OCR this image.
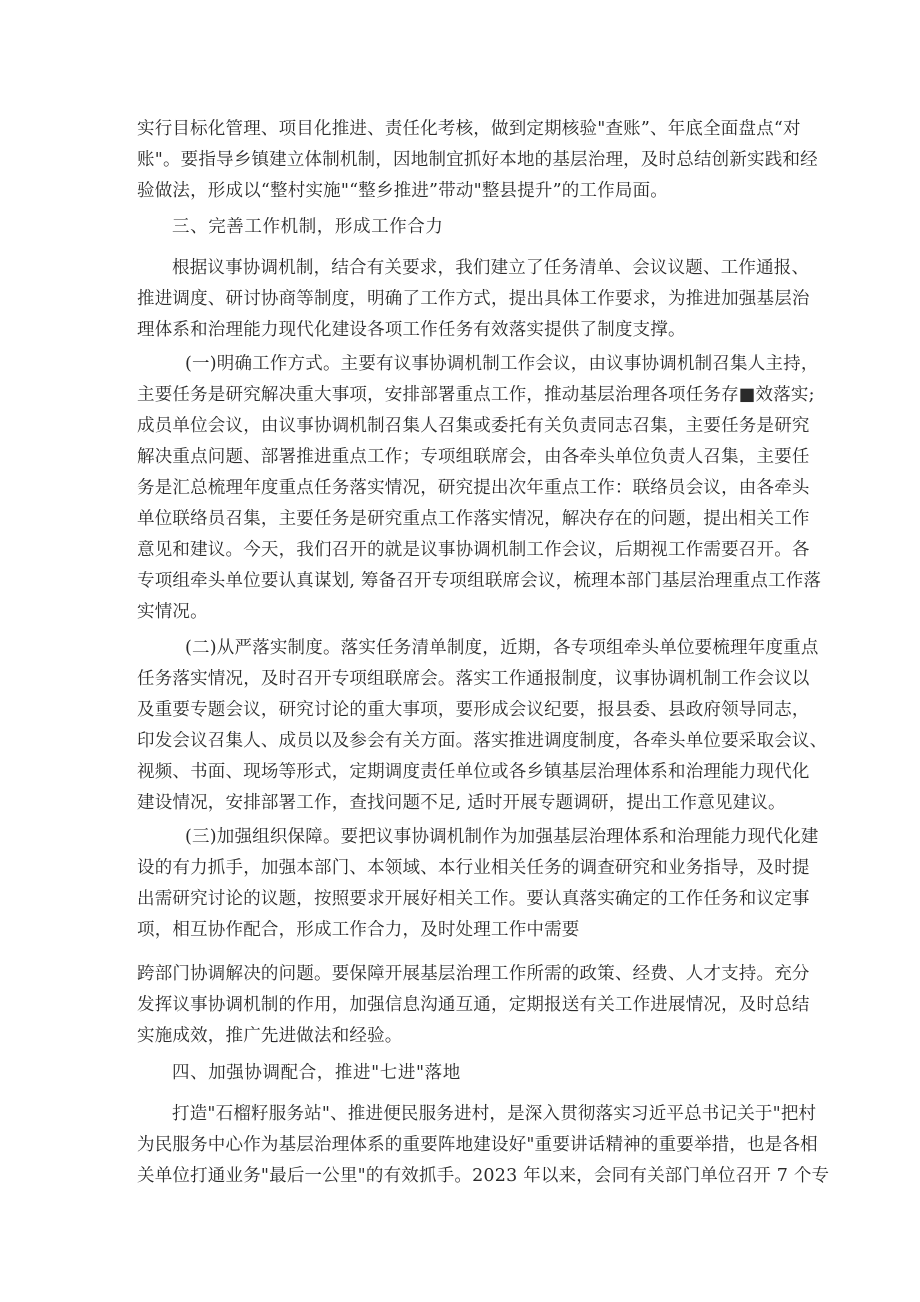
实行目标化管理、项目化推进、责任化考核，做到定期核验"查账”、年底全面盘点“对
账"。要指导乡镇建立体制机制，因地制宜抓好本地的基层治理，及时总结创新实践和经
验做法，形成以“整村实施"“整乡推进”带动"整县提升”的工作局面。
三、完善工作机制，形成工作合力
根据议事协调机制，结合有关要求，我们建立了任务清单、会议议题、工作通报、
推进调度、研讨协商等制度，明确了工作方式，提出具体工作要求，为推进加强基层治
理体系和治理能力现代化建设各项工作任务有效落实提供了制度支撑。
(一)明确工作方式。主要有议事协调机制工作会议，由议事协调机制召集人主持，
主要任务是研究解决重大事项，安排部署重点工作，推动基层治理各项任务存■效落实;
成员单位会议，由议事协调机制召集人召集或委托有关负责同志召集，主要任务是研究
解决重点问题、部署推进重点工作；专项组联席会，由各牵头单位负责人召集，主要任
务是汇总梳理年度重点任务落实情况，研究提出次年重点工作：联络员会议，由各牵头
单位联络员召集，主要任务是研究重点工作落实情况，解决存在的问题，提出相关工作
意见和建议。今天，我们召开的就是议事协调机制工作会议，后期视工作需要召开。各
专项组牵头单位要认真谋划, 筹备召开专项组联席会议，梳理本部门基层治理重点工作落
实情况。
(二)从严落实制度。落实任务清单制度，近期，各专项组牵头单位要梳理年度重点
任务落实情况，及时召开专项组联席会。落实工作通报制度，议事协调机制工作会议以
及重要专题会议，研究讨论的重大事项，要形成会议纪要，报县委、县政府领导同志，
印发会议召集人、成员以及参会有关方面。落实推进调度制度，各牵头单位要采取会议、
视频、书面、现场等形式，定期调度责任单位或各乡镇基层治理体系和治理能力现代化
建设情况，安排部署工作，查找问题不足, 适时开展专题调研，提出工作意见建议。
(三)加强组织保障。要把议事协调机制作为加强基层治理体系和治理能力现代化建
设的有力抓手，加强本部门、本领域、本行业相关任务的调查研究和业务指导，及时提
出需研究讨论的议题，按照要求开展好相关工作。要认真落实确定的工作任务和议定事
项，相互协作配合，形成工作合力，及时处理工作中需要
跨部门协调解决的问题。要保障开展基层治理工作所需的政策、经费、人才支持。充分
发挥议事协调机制的作用，加强信息沟通互通，定期报送有关工作进展情况，及时总结
实施成效，推广先进做法和经验。
四、加强协调配合，推进"七进"落地
打造"石榴籽服务站"、推进便民服务进村，是深入贯彻落实习近平总书记关于"把村
为民服务中心作为基层治理体系的重要阵地建设好"重要讲话精神的重要举措，也是各相
关单位打通业务"最后一公里"的有效抓手。2023 年以来，会同有关部门单位召开 7 个专
